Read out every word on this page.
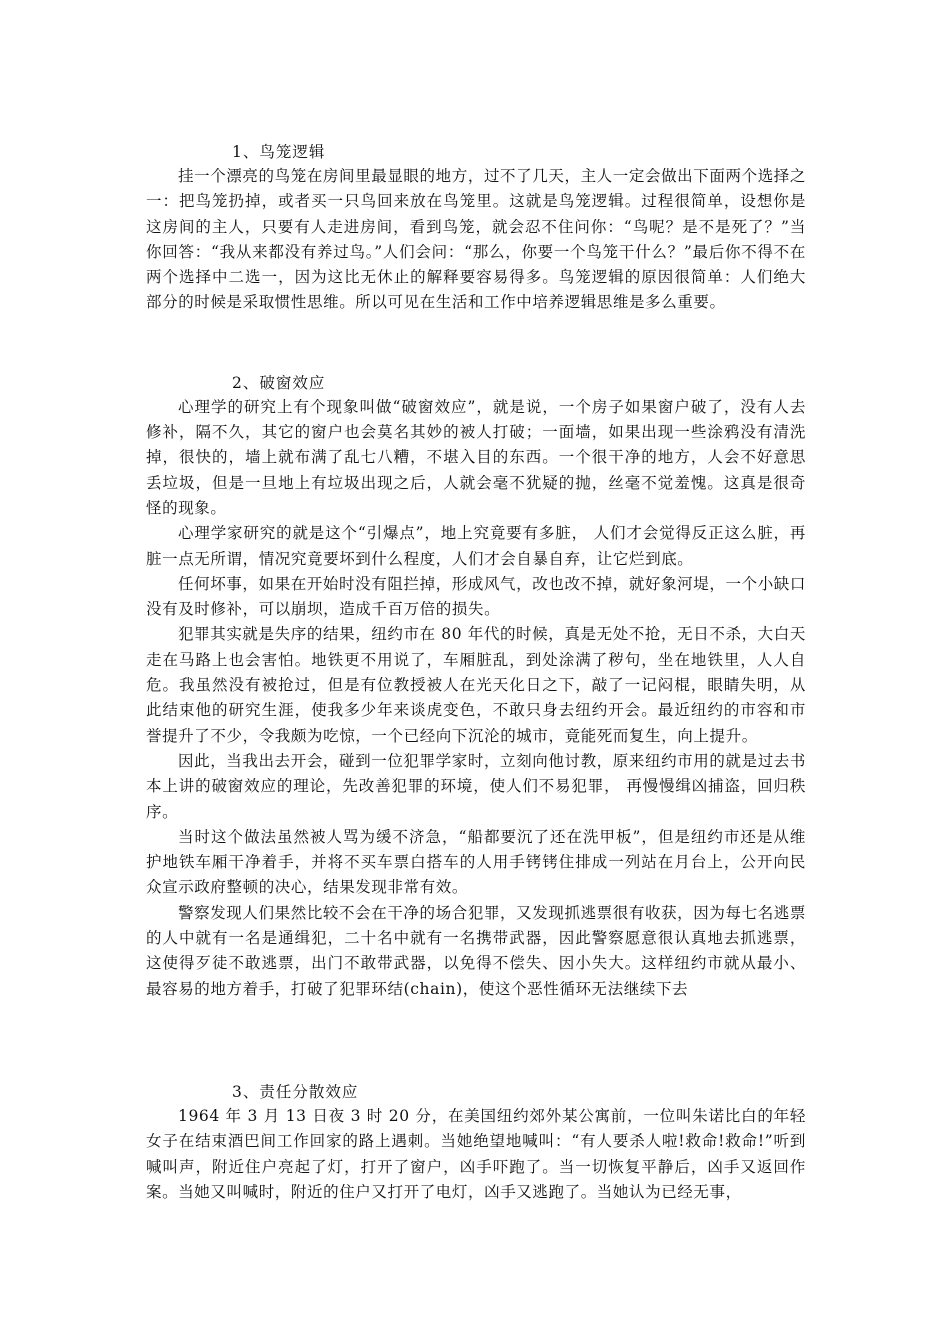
1、鸟笼逻辑

挂一个漂亮的鸟笼在房间里最显眼的地方，过不了几天，主人一定会做出下面两个选择之一：把鸟笼扔掉，或者买一只鸟回来放在鸟笼里。这就是鸟笼逻辑。过程很简单，设想你是这房间的主人，只要有人走进房间，看到鸟笼，就会忍不住问你：“鸟呢？是不是死了？”当你回答：“我从来都没有养过鸟。”人们会问：“那么，你要一个鸟笼干什么？”最后你不得不在两个选择中二选一，因为这比无休止的解释要容易得多。鸟笼逻辑的原因很简单：人们绝大部分的时候是采取惯性思维。所以可见在生活和工作中培养逻辑思维是多么重要。

2、破窗效应

心理学的研究上有个现象叫做“破窗效应”，就是说，一个房子如果窗户破了，没有人去修补，隔不久，其它的窗户也会莫名其妙的被人打破；一面墙，如果出现一些涂鸦没有清洗掉，很快的，墙上就布满了乱七八糟，不堪入目的东西。一个很干净的地方，人会不好意思丢垃圾，但是一旦地上有垃圾出现之后，人就会毫不犹疑的抛，丝毫不觉羞愧。这真是很奇怪的现象。

心理学家研究的就是这个“引爆点”，地上究竟要有多脏， 人们才会觉得反正这么脏，再脏一点无所谓，情况究竟要坏到什么程度，人们才会自暴自弃，让它烂到底。

任何坏事，如果在开始时没有阻拦掉，形成风气，改也改不掉，就好象河堤，一个小缺口没有及时修补，可以崩坝，造成千百万倍的损失。

犯罪其实就是失序的结果，纽约市在 80 年代的时候，真是无处不抢，无日不杀，大白天走在马路上也会害怕。地铁更不用说了，车厢脏乱，到处涂满了秽句，坐在地铁里，人人自危。我虽然没有被抢过，但是有位教授被人在光天化日之下，敲了一记闷棍，眼睛失明，从此结束他的研究生涯，使我多少年来谈虎变色，不敢只身去纽约开会。最近纽约的市容和市誉提升了不少，令我颇为吃惊，一个已经向下沉沦的城市，竟能死而复生，向上提升。

因此，当我出去开会，碰到一位犯罪学家时，立刻向他讨教，原来纽约市用的就是过去书本上讲的破窗效应的理论，先改善犯罪的环境，使人们不易犯罪， 再慢慢缉凶捕盗，回归秩序。

当时这个做法虽然被人骂为缓不济急，“船都要沉了还在洗甲板”，但是纽约市还是从维护地铁车厢干净着手，并将不买车票白搭车的人用手铐铐住排成一列站在月台上，公开向民众宣示政府整顿的决心，结果发现非常有效。

警察发现人们果然比较不会在干净的场合犯罪，又发现抓逃票很有收获，因为每七名逃票的人中就有一名是通缉犯，二十名中就有一名携带武器，因此警察愿意很认真地去抓逃票，这使得歹徒不敢逃票，出门不敢带武器，以免得不偿失、因小失大。这样纽约市就从最小、最容易的地方着手，打破了犯罪环结(chain)，使这个恶性循环无法继续下去

3、责任分散效应

1964 年 3 月 13 日夜 3 时 20 分，在美国纽约郊外某公寓前，一位叫朱诺比白的年轻女子在结束酒巴间工作回家的路上遇刺。当她绝望地喊叫：“有人要杀人啦!救命!救命!”听到喊叫声，附近住户亮起了灯，打开了窗户，凶手吓跑了。当一切恢复平静后，凶手又返回作案。当她又叫喊时，附近的住户又打开了电灯，凶手又逃跑了。当她认为已经无事，
